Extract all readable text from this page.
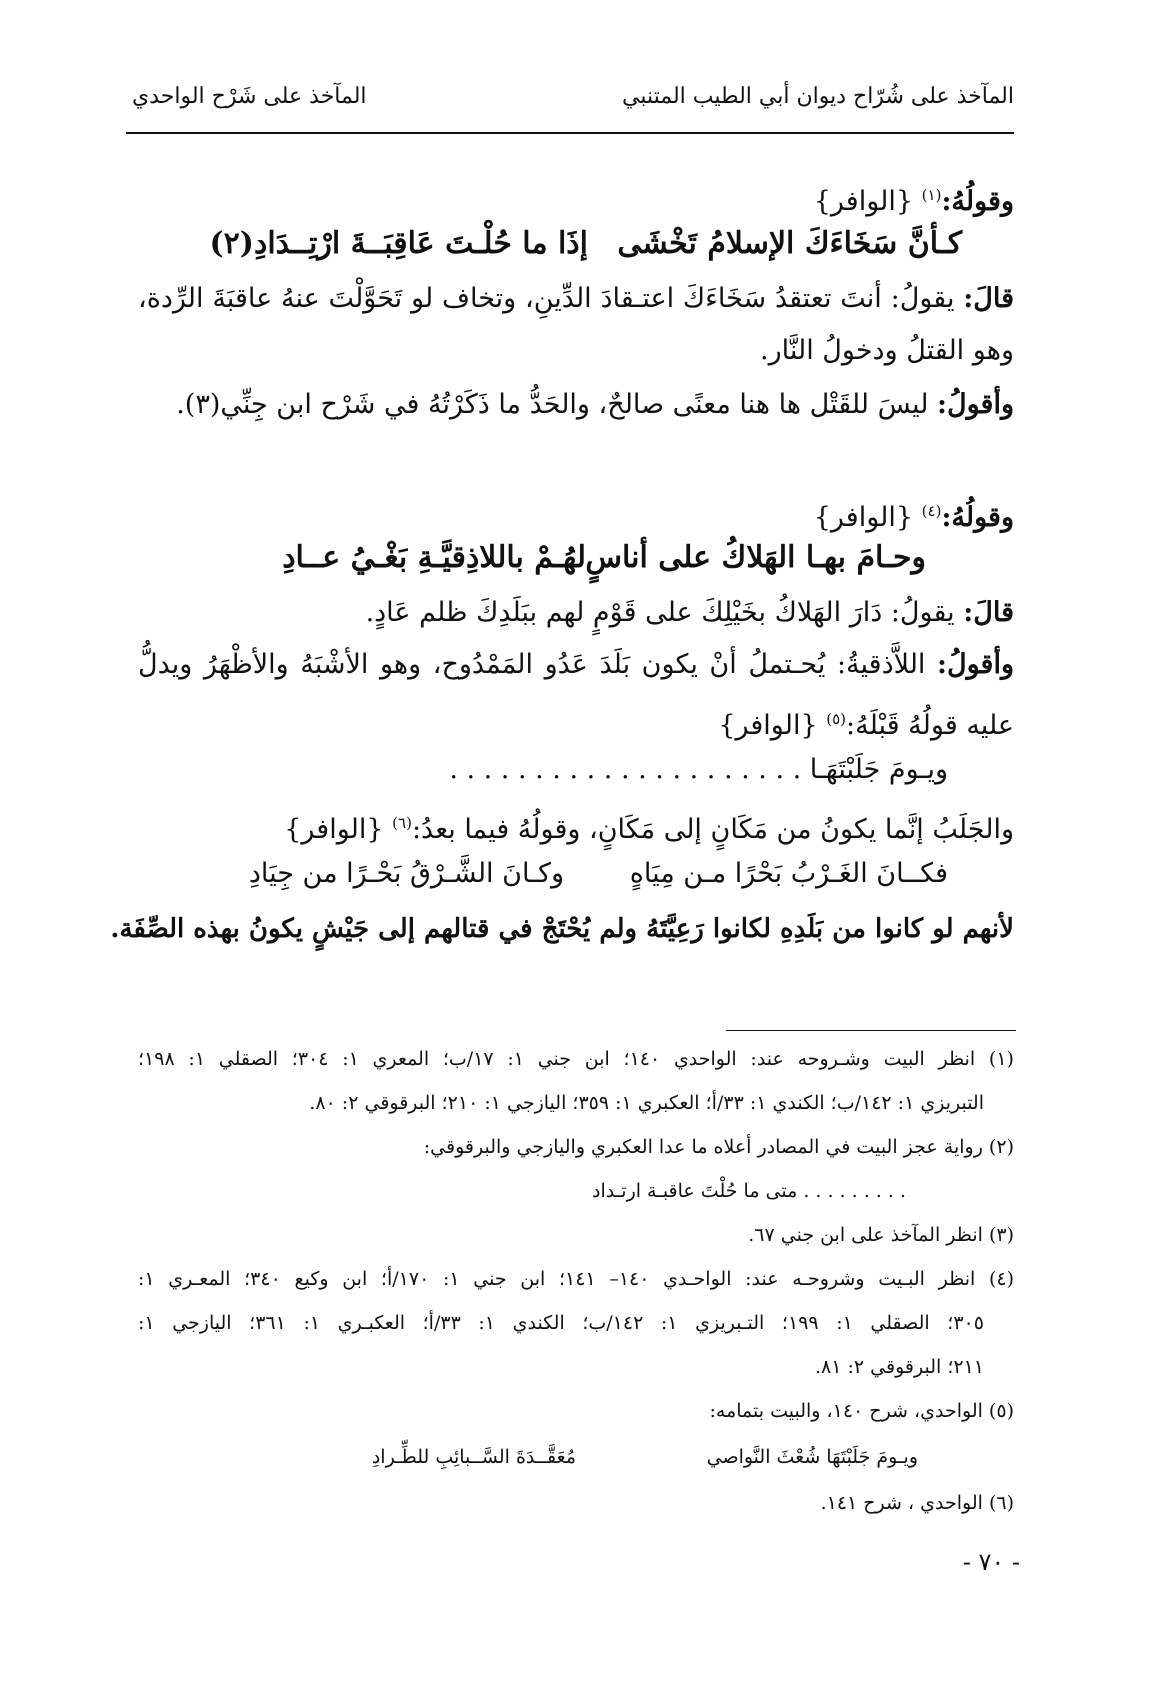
المآخذ على شُرّاح ديوان أبي الطيب المتنبي
المآخذ على شَرْح الواحدي
وقولُهُ:$^{(١)}$ {الوافر}
كـأنَّ سَخَاءَكَ الإسلامُ تَخْشَى
إذَا ما حُلْـتَ عَاقِبَــةَ ارْتِــدَادِ(٢)
قالَ: يقولُ: أنتَ تعتقدُ سَخَاءَكَ اعتـقادَ الدِّينِ، وتخاف لو تَحَوَّلْتَ عنهُ عاقبَةَ الرِّدة،
وهو القتلُ ودخولُ النَّار.
وأقولُ: ليسَ للقَتْل ها هنا معنًى صالحٌ، والحَدُّ ما ذَكَرْتُهُ في شَرْح ابن جِنِّي(٣).
وقولُهُ:$^{(٤)}$ {الوافر}
وحـامَ بهـا الهَلاكُ على أناسٍ
لهُـمْ باللاذِقيَّـةِ بَغْـيُ عــادِ
قالَ: يقولُ: دَارَ الهَلاكُ بخَيْلِكَ على قَوْمٍ لهم ببَلَدِكَ ظلم عَادٍ.
وأقولُ: اللاَّذقيةُ: يُحـتملُ أنْ يكون بَلَدَ عَدُو المَمْدُوح، وهو الأشْبَهُ والأظْهَرُ ويدلُّ
عليه قولُهُ قَبْلَهُ:$^{(٥)}$ {الوافر}
ويـومَ جَلَبْتَهَـا . . . . . . . . . . . . . . . . . . . . .
والجَلَبُ إنَّما يكونُ من مَكَانٍ إلى مَكَانٍ، وقولُهُ فيما بعدُ:$^{(٦)}$ {الوافر}
فكــانَ الغَـرْبُ بَحْرًا مـن مِيَاهٍ
وكـانَ الشَّـرْقُ بَحْـرًا من جِيَادِ
لأنهم لو كانوا من بَلَدِهِ لكانوا رَعِيَّتَهُ ولم يُحْتَجْ في قتالهم إلى جَيْشٍ يكونُ بهذه الصِّفَة.
(١) انظر البيت وشـروحه عند: الواحدي ١٤٠؛ ابن جني ١: ١٧/ب؛ المعري ١: ٣٠٤؛ الصقلي ١: ١٩٨؛
التبريزي ١: ١٤٢/ب؛ الكندي ١: ٣٣/أ؛ العكبري ١: ٣٥٩؛ اليازجي ١: ٢١٠؛ البرقوقي ٢: ٨٠.
(٢) رواية عجز البيت في المصادر أعلاه ما عدا العكبري واليازجي والبرقوقي:
. . . . . . . . . متى ما حُلْتَ عاقبـة ارتـداد
(٣) انظر المآخذ على ابن جني ٦٧.
(٤) انظر البـيت وشروحـه عند: الواحـدي ١٤٠– ١٤١؛ ابن جني ١: ١٧٠/أ؛ ابن وكيع ٣٤٠؛ المعـري ١:
٣٠٥؛ الصقلي ١: ١٩٩؛ التـبريزي ١: ١٤٢/ب؛ الكندي ١: ٣٣/أ؛ العكبـري ١: ٣٦١؛ اليازجي ١:
٢١١؛ البرقوقي ٢: ٨١.
(٥) الواحدي، شرح ١٤٠، والبيت بتمامه:
ويـومَ جَلَبْتَهَا شُعْثَ النَّواصي
مُعَقَّــدَةَ السَّــبائِبِ للطِّـرادِ
(٦) الواحدي ، شرح ١٤١.
- ٧٠ -
